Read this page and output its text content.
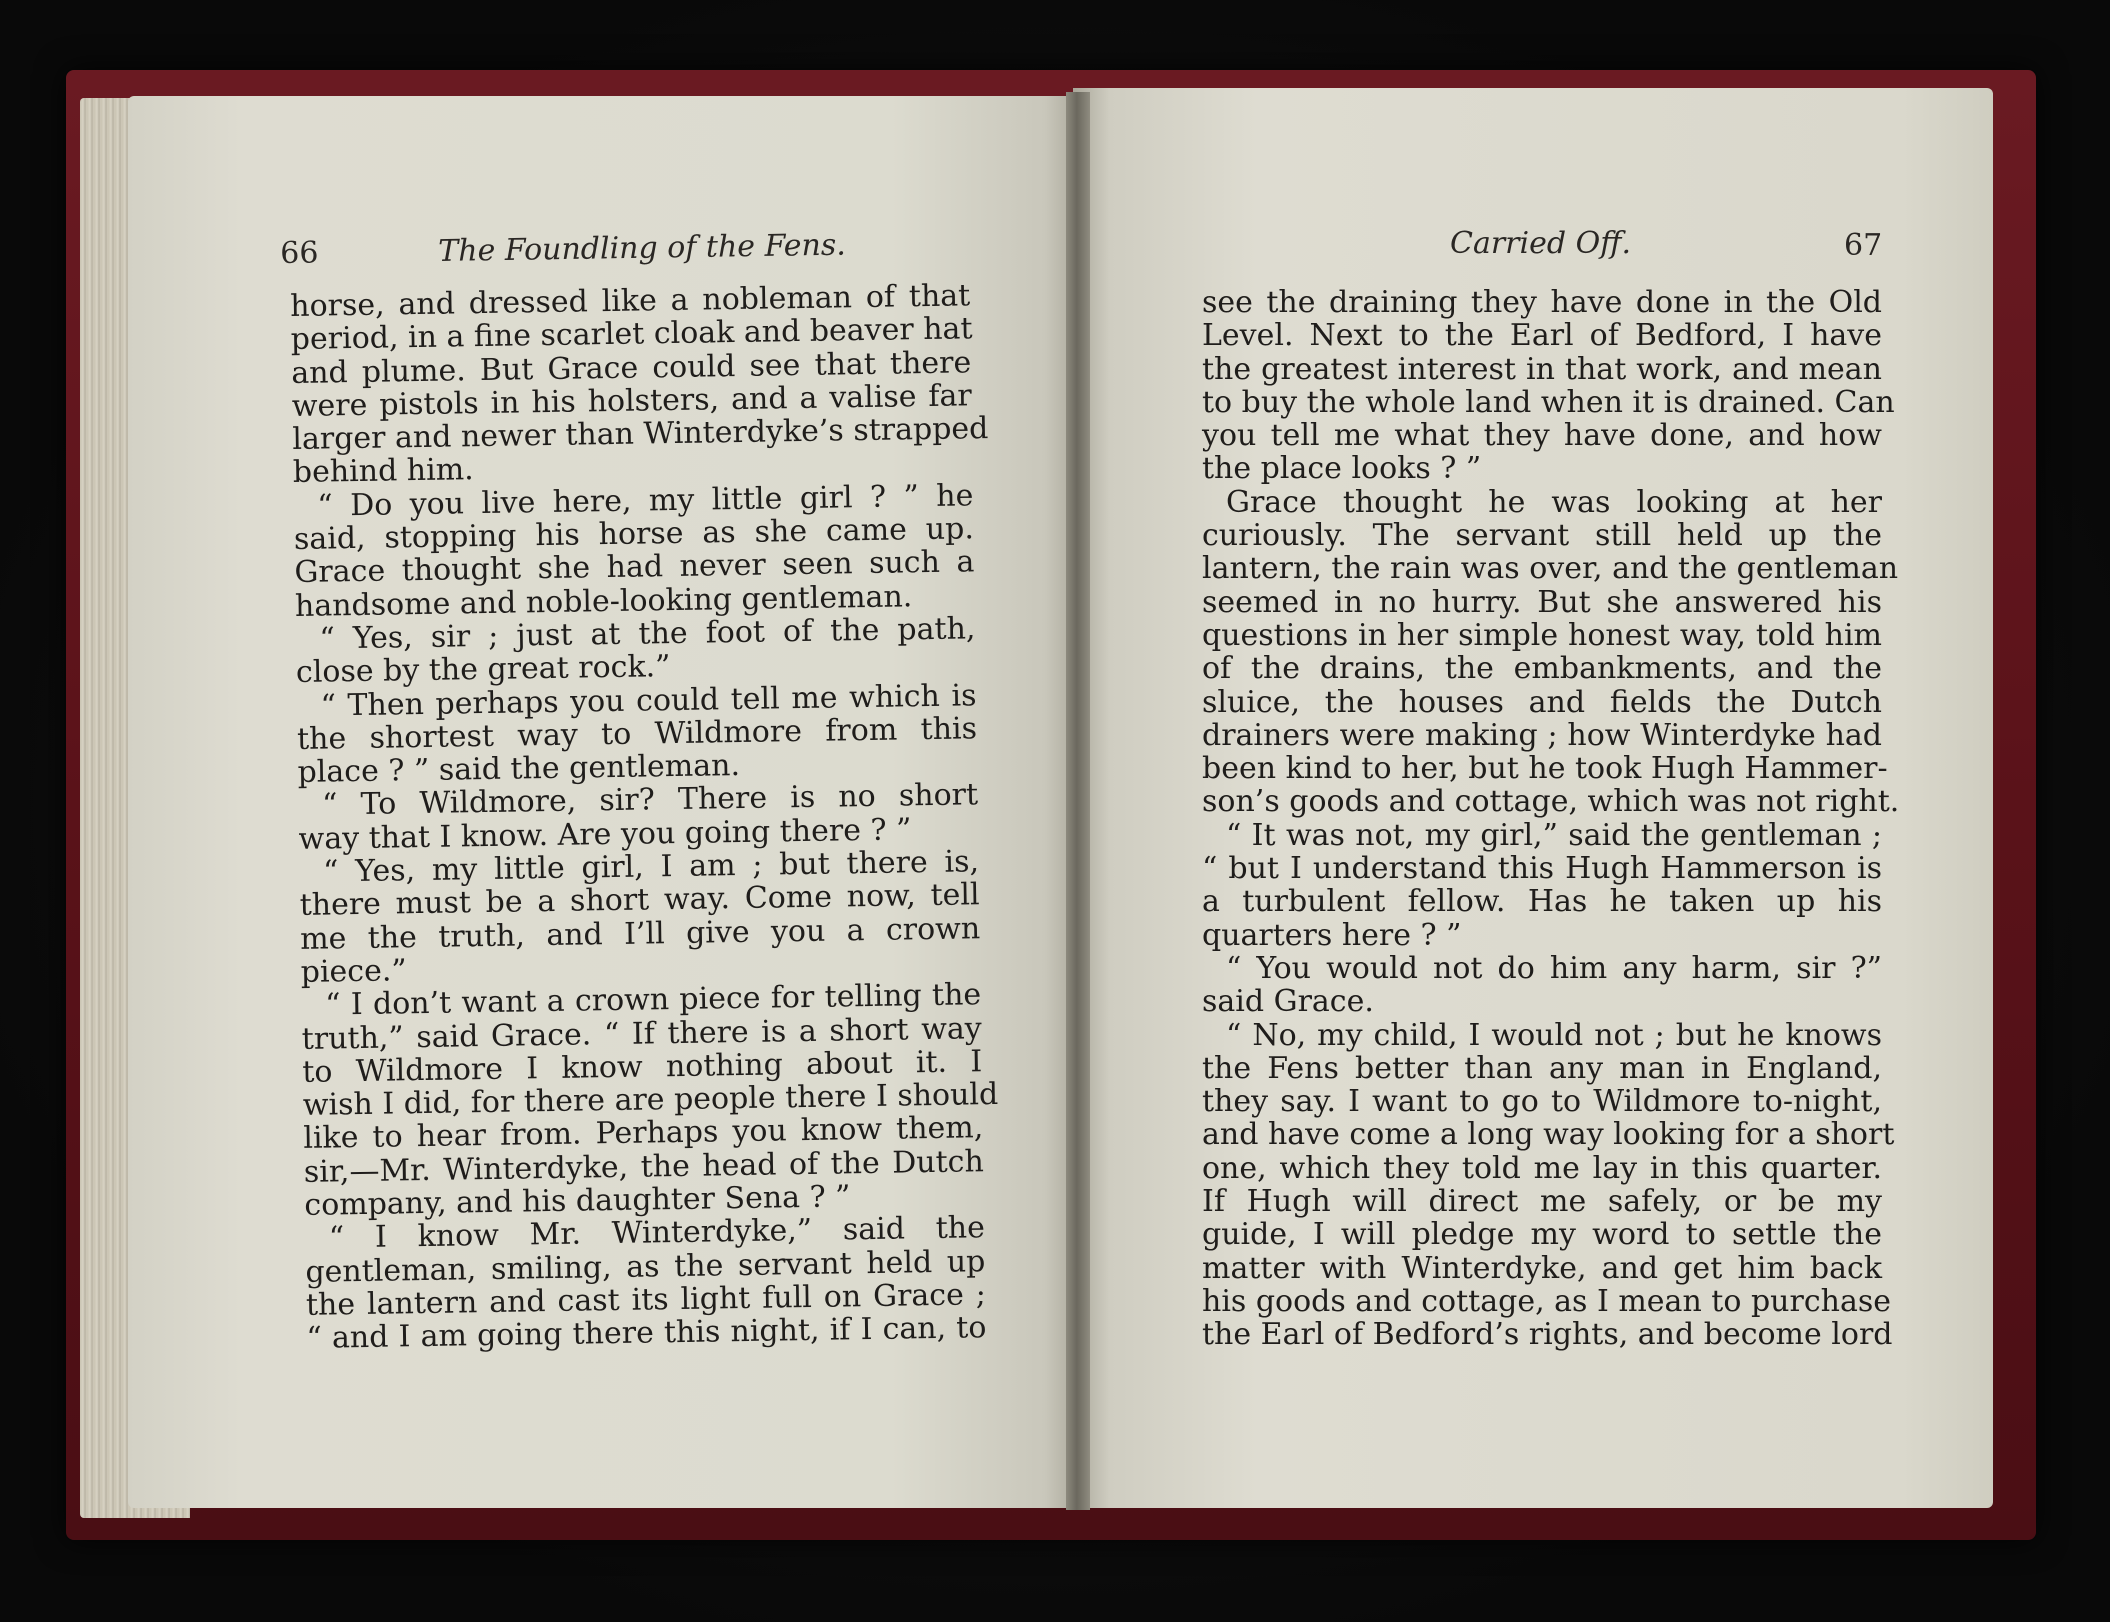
66	The Foundling of the Fens.	Carried Off.	67
horse, and dressed like a nobleman of that
period, in a fine scarlet cloak and beaver hat
and plume. But Grace could see that there
were pistols in his holsters, and a valise far
larger and newer than Winterdyke’s strapped
behind him.
“ Do you live here, my little girl ? ” he
said, stopping his horse as she came up.
Grace thought she had never seen such a
handsome and noble-looking gentleman.
“ Yes, sir ; just at the foot of the path,
close by the great rock.”
“ Then perhaps you could tell me which is
the shortest way to Wildmore from this
place ? ” said the gentleman.
“ To Wildmore, sir? There is no short
way that I know. Are you going there ? ”
“ Yes, my little girl, I am ; but there is,
there must be a short way. Come now, tell
me the truth, and I’ll give you a crown
piece.”
“ I don’t want a crown piece for telling the
truth,” said Grace. “ If there is a short way
to Wildmore I know nothing about it. I
wish I did, for there are people there I should
like to hear from. Perhaps you know them,
sir,—Mr. Winterdyke, the head of the Dutch
company, and his daughter Sena ? ”
“ I know Mr. Winterdyke,” said the
gentleman, smiling, as the servant held up
the lantern and cast its light full on Grace ;
“ and I am going there this night, if I can, to
see the draining they have done in the Old
Level. Next to the Earl of Bedford, I have
the greatest interest in that work, and mean
to buy the whole land when it is drained. Can
you tell me what they have done, and how
the place looks ? ”
Grace thought he was looking at her
curiously. The servant still held up the
lantern, the rain was over, and the gentleman
seemed in no hurry. But she answered his
questions in her simple honest way, told him
of the drains, the embankments, and the
sluice, the houses and fields the Dutch
drainers were making ; how Winterdyke had
been kind to her, but he took Hugh Hammer-
son’s goods and cottage, which was not right.
“ It was not, my girl,” said the gentleman ;
“ but I understand this Hugh Hammerson is
a turbulent fellow. Has he taken up his
quarters here ? ”
“ You would not do him any harm, sir ?”
said Grace.
“ No, my child, I would not ; but he knows
the Fens better than any man in England,
they say. I want to go to Wildmore to-night,
and have come a long way looking for a short
one, which they told me lay in this quarter.
If Hugh will direct me safely, or be my
guide, I will pledge my word to settle the
matter with Winterdyke, and get him back
his goods and cottage, as I mean to purchase
the Earl of Bedford’s rights, and become lord
